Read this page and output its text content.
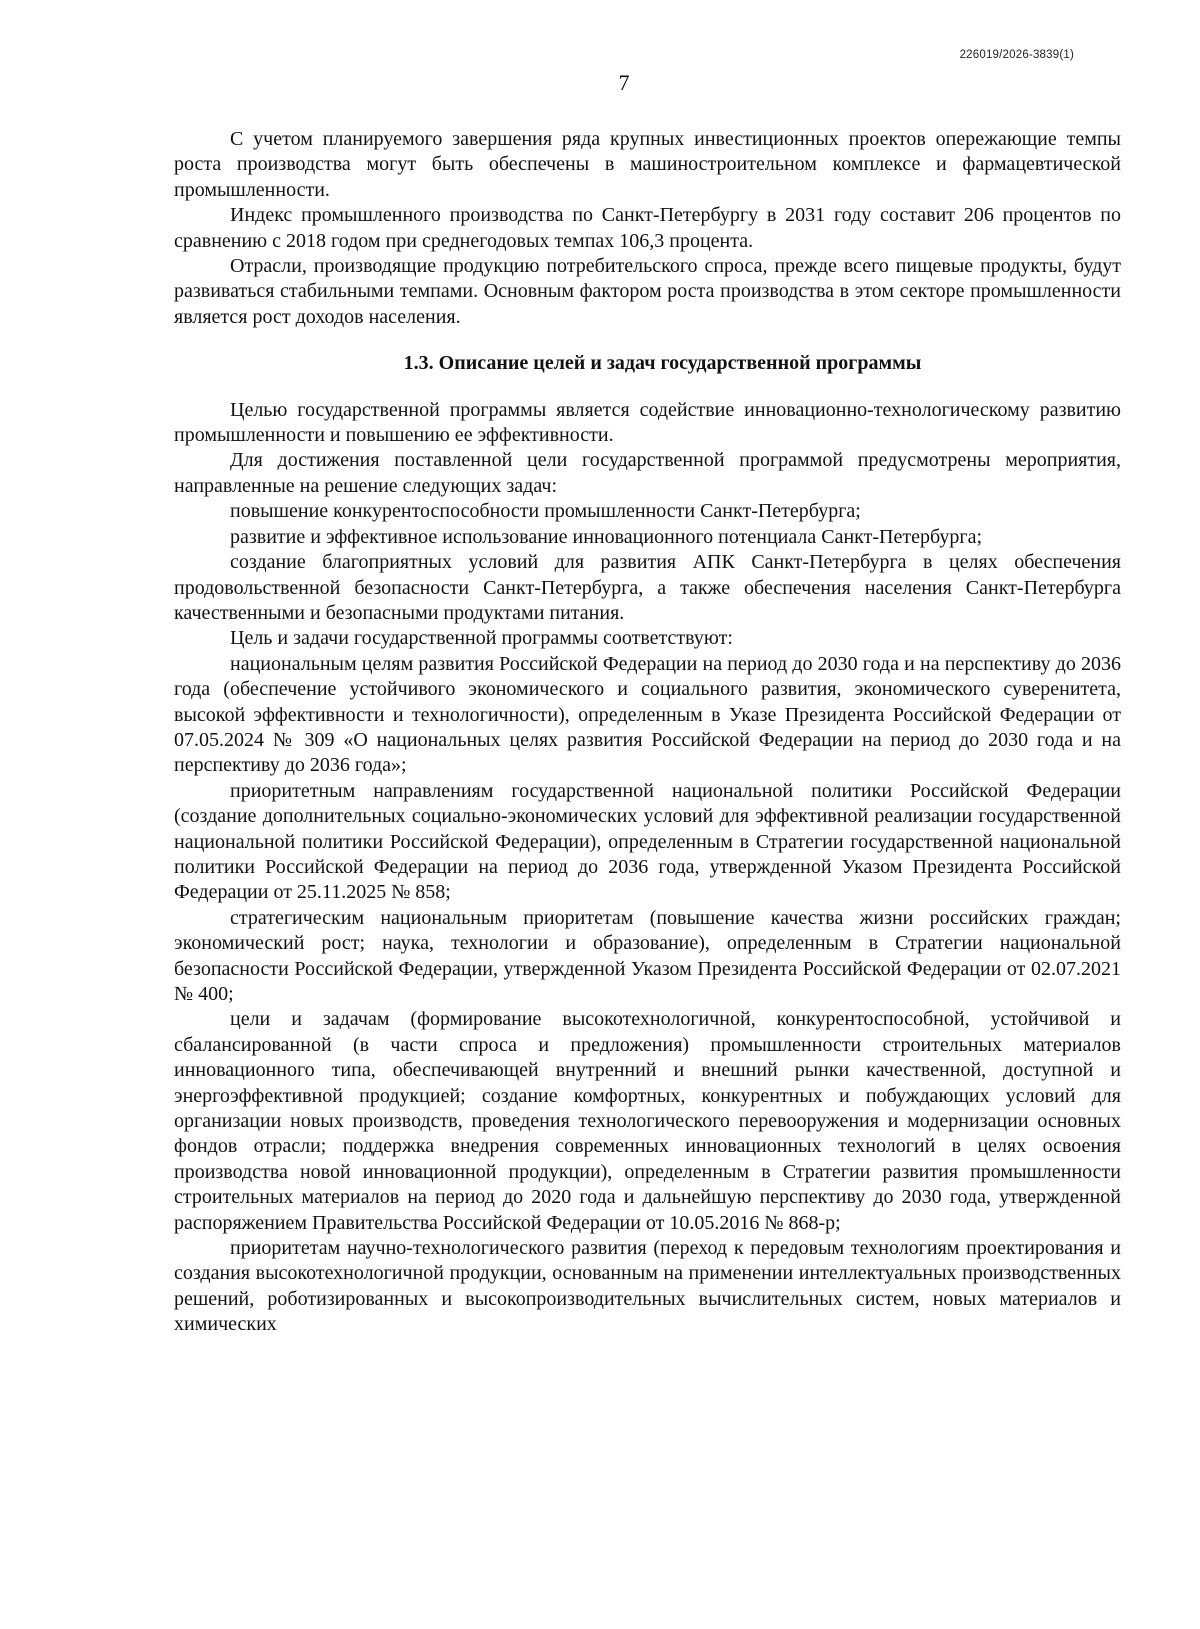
226019/2026-3839(1)
7

С учетом планируемого завершения ряда крупных инвестиционных проектов опережающие темпы роста производства могут быть обеспечены в машиностроительном комплексе и фармацевтической промышленности.

Индекс промышленного производства по Санкт-Петербургу в 2031 году составит 206 процентов по сравнению с 2018 годом при среднегодовых темпах 106,3 процента.

Отрасли, производящие продукцию потребительского спроса, прежде всего пищевые продукты, будут развиваться стабильными темпами. Основным фактором роста производства в этом секторе промышленности является рост доходов населения.

1.3. Описание целей и задач государственной программы

Целью государственной программы является содействие инновационно-технологическому развитию промышленности и повышению ее эффективности.

Для достижения поставленной цели государственной программой предусмотрены мероприятия, направленные на решение следующих задач:

повышение конкурентоспособности промышленности Санкт-Петербурга;

развитие и эффективное использование инновационного потенциала Санкт-Петербурга;

создание благоприятных условий для развития АПК Санкт-Петербурга в целях обеспечения продовольственной безопасности Санкт-Петербурга, а также обеспечения населения Санкт-Петербурга качественными и безопасными продуктами питания.

Цель и задачи государственной программы соответствуют:

национальным целям развития Российской Федерации на период до 2030 года и на перспективу до 2036 года (обеспечение устойчивого экономического и социального развития, экономического суверенитета, высокой эффективности и технологичности), определенным в Указе Президента Российской Федерации от 07.05.2024 № 309 «О национальных целях развития Российской Федерации на период до 2030 года и на перспективу до 2036 года»;

приоритетным направлениям государственной национальной политики Российской Федерации (создание дополнительных социально-экономических условий для эффективной реализации государственной национальной политики Российской Федерации), определенным в Стратегии государственной национальной политики Российской Федерации на период до 2036 года, утвержденной Указом Президента Российской Федерации от 25.11.2025 № 858;

стратегическим национальным приоритетам (повышение качества жизни российских граждан; экономический рост; наука, технологии и образование), определенным в Стратегии национальной безопасности Российской Федерации, утвержденной Указом Президента Российской Федерации от 02.07.2021 № 400;

цели и задачам (формирование высокотехнологичной, конкурентоспособной, устойчивой и сбалансированной (в части спроса и предложения) промышленности строительных материалов инновационного типа, обеспечивающей внутренний и внешний рынки качественной, доступной и энергоэффективной продукцией; создание комфортных, конкурентных и побуждающих условий для организации новых производств, проведения технологического перевооружения и модернизации основных фондов отрасли; поддержка внедрения современных инновационных технологий в целях освоения производства новой инновационной продукции), определенным в Стратегии развития промышленности строительных материалов на период до 2020 года и дальнейшую перспективу до 2030 года, утвержденной распоряжением Правительства Российской Федерации от 10.05.2016 № 868-р;

приоритетам научно-технологического развития (переход к передовым технологиям проектирования и создания высокотехнологичной продукции, основанным на применении интеллектуальных производственных решений, роботизированных и высокопроизводительных вычислительных систем, новых материалов и химических
